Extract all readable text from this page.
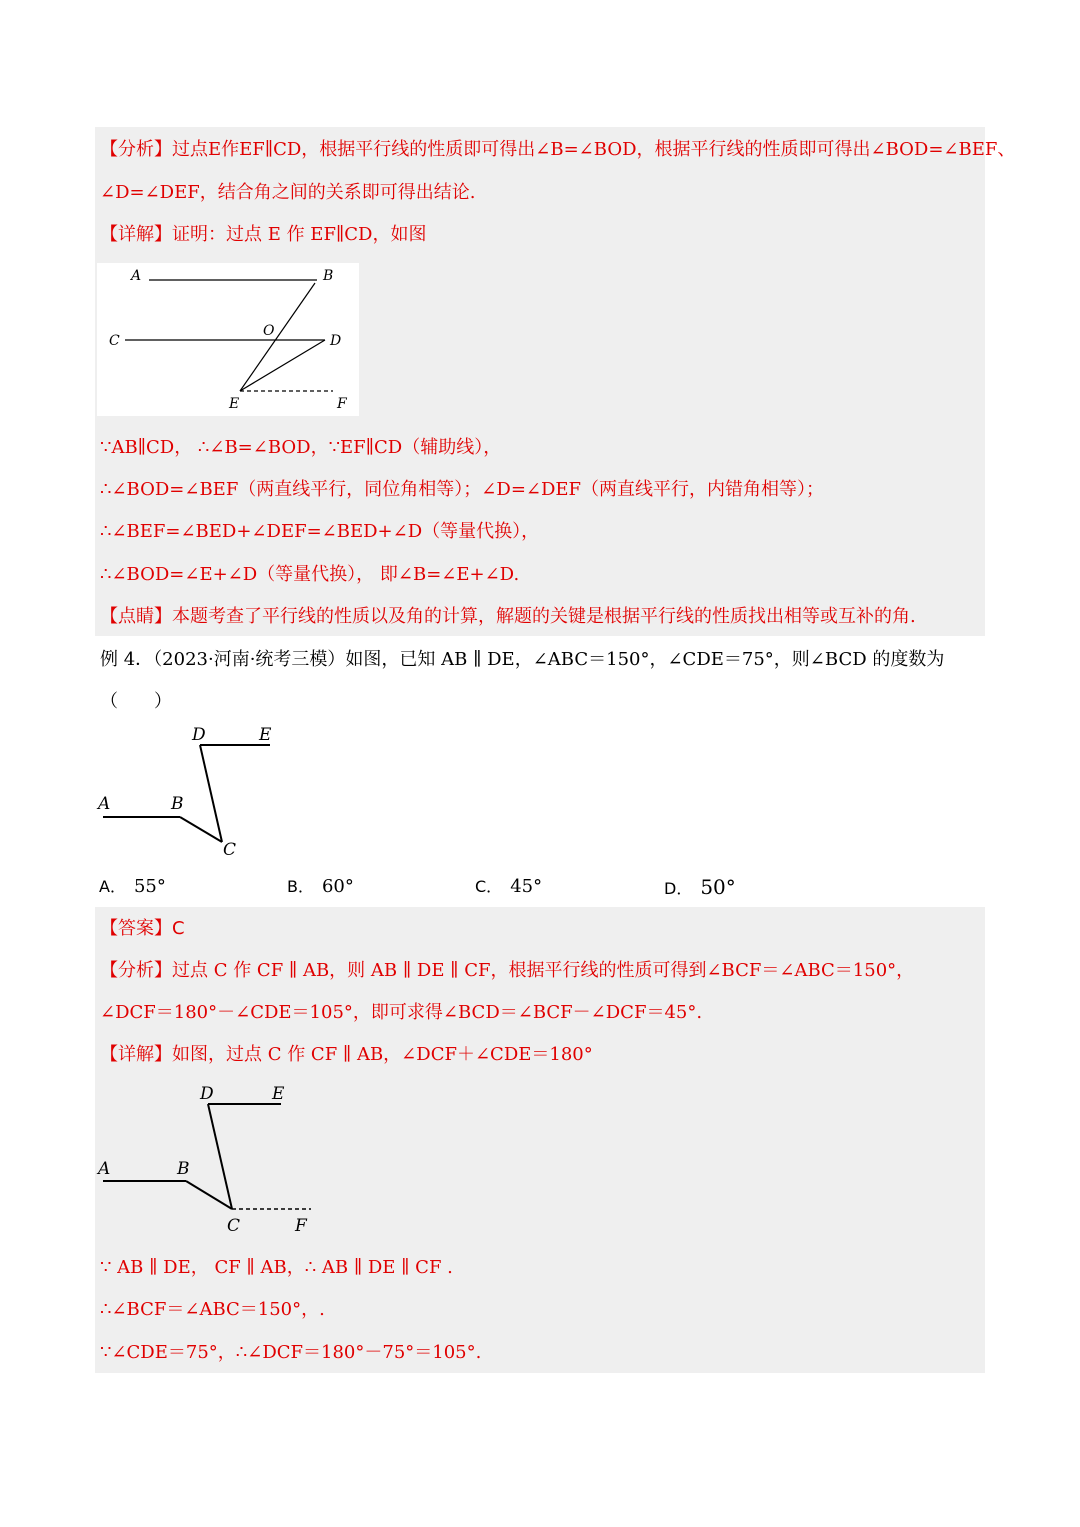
【分析】过点E作EF∥CD，根据平行线的性质即可得出∠B=∠BOD，根据平行线的性质即可得出∠BOD=∠BEF、
∠D=∠DEF，结合角之间的关系即可得出结论.
【详解】证明：过点 E 作 EF∥CD，如图
A	B
C	D
O
E	F
∵AB∥CD， ∴∠B=∠BOD，∵EF∥CD（辅助线），
∴∠BOD=∠BEF（两直线平行，同位角相等）；∠D=∠DEF（两直线平行，内错角相等）；
∴∠BEF=∠BED+∠DEF=∠BED+∠D（等量代换），
∴∠BOD=∠E+∠D（等量代换）， 即∠B=∠E+∠D.
【点睛】本题考查了平行线的性质以及角的计算，解题的关键是根据平行线的性质找出相等或互补的角.
例 4．（2023·河南·统考三模）如图，已知 AB ∥ DE，∠ABC＝150°，∠CDE＝75°，则∠BCD 的度数为
（　　）
D	E
A	B
C
A． 55°	B． 60°	C． 45°	D． 50°
【答案】C
【分析】过点 C 作 CF ∥ AB，则 AB ∥ DE ∥ CF，根据平行线的性质可得到∠BCF＝∠ABC＝150°，
∠DCF＝180°－∠CDE＝105°，即可求得∠BCD＝∠BCF－∠DCF＝45°.
【详解】如图，过点 C 作 CF ∥ AB，∠DCF＋∠CDE＝180°
D	E
A	B
C	F
∵ AB ∥ DE， CF ∥ AB，∴ AB ∥ DE ∥ CF .
∴∠BCF＝∠ABC＝150°，.
∵∠CDE＝75°，∴∠DCF＝180°－75°＝105°.
